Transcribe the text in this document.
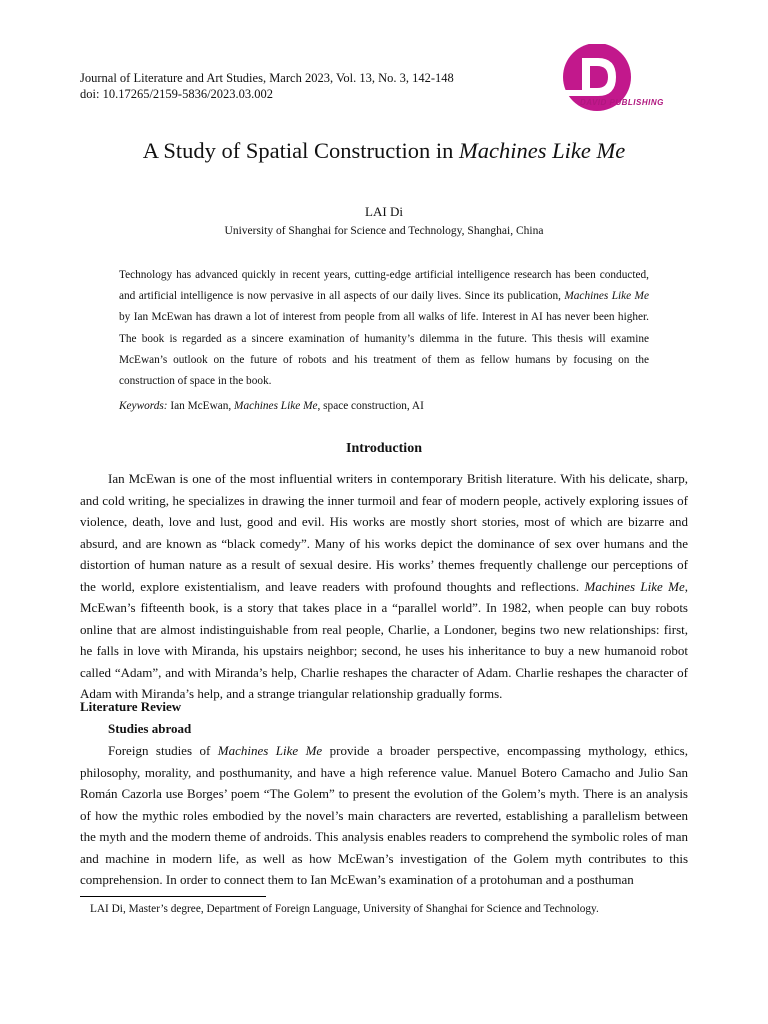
Journal of Literature and Art Studies, March 2023, Vol. 13, No. 3, 142-148
doi: 10.17265/2159-5836/2023.03.002
DAVID PUBLISHING
A Study of Spatial Construction in Machines Like Me
LAI Di
University of Shanghai for Science and Technology, Shanghai, China
Technology has advanced quickly in recent years, cutting-edge artificial intelligence research has been conducted, and artificial intelligence is now pervasive in all aspects of our daily lives. Since its publication, Machines Like Me by Ian McEwan has drawn a lot of interest from people from all walks of life. Interest in AI has never been higher. The book is regarded as a sincere examination of humanity’s dilemma in the future. This thesis will examine McEwan’s outlook on the future of robots and his treatment of them as fellow humans by focusing on the construction of space in the book.
Keywords: Ian McEwan, Machines Like Me, space construction, AI
Introduction

Ian McEwan is one of the most influential writers in contemporary British literature. With his delicate, sharp, and cold writing, he specializes in drawing the inner turmoil and fear of modern people, actively exploring issues of violence, death, love and lust, good and evil. His works are mostly short stories, most of which are bizarre and absurd, and are known as “black comedy”. Many of his works depict the dominance of sex over humans and the distortion of human nature as a result of sexual desire. His works’ themes frequently challenge our perceptions of the world, explore existentialism, and leave readers with profound thoughts and reflections. Machines Like Me, McEwan’s fifteenth book, is a story that takes place in a “parallel world”. In 1982, when people can buy robots online that are almost indistinguishable from real people, Charlie, a Londoner, begins two new relationships: first, he falls in love with Miranda, his upstairs neighbor; second, he uses his inheritance to buy a new humanoid robot called “Adam”, and with Miranda’s help, Charlie reshapes the character of Adam. Charlie reshapes the character of Adam with Miranda’s help, and a strange triangular relationship gradually forms.

Literature Review
Studies abroad

Foreign studies of Machines Like Me provide a broader perspective, encompassing mythology, ethics, philosophy, morality, and posthumanity, and have a high reference value. Manuel Botero Camacho and Julio San Román Cazorla use Borges’ poem “The Golem” to present the evolution of the Golem’s myth. There is an analysis of how the mythic roles embodied by the novel’s main characters are reverted, establishing a parallelism between the myth and the modern theme of androids. This analysis enables readers to comprehend the symbolic roles of man and machine in modern life, as well as how McEwan’s investigation of the Golem myth contributes to this comprehension. In order to connect them to Ian McEwan’s examination of a protohuman and a posthuman

LAI Di, Master’s degree, Department of Foreign Language, University of Shanghai for Science and Technology.
